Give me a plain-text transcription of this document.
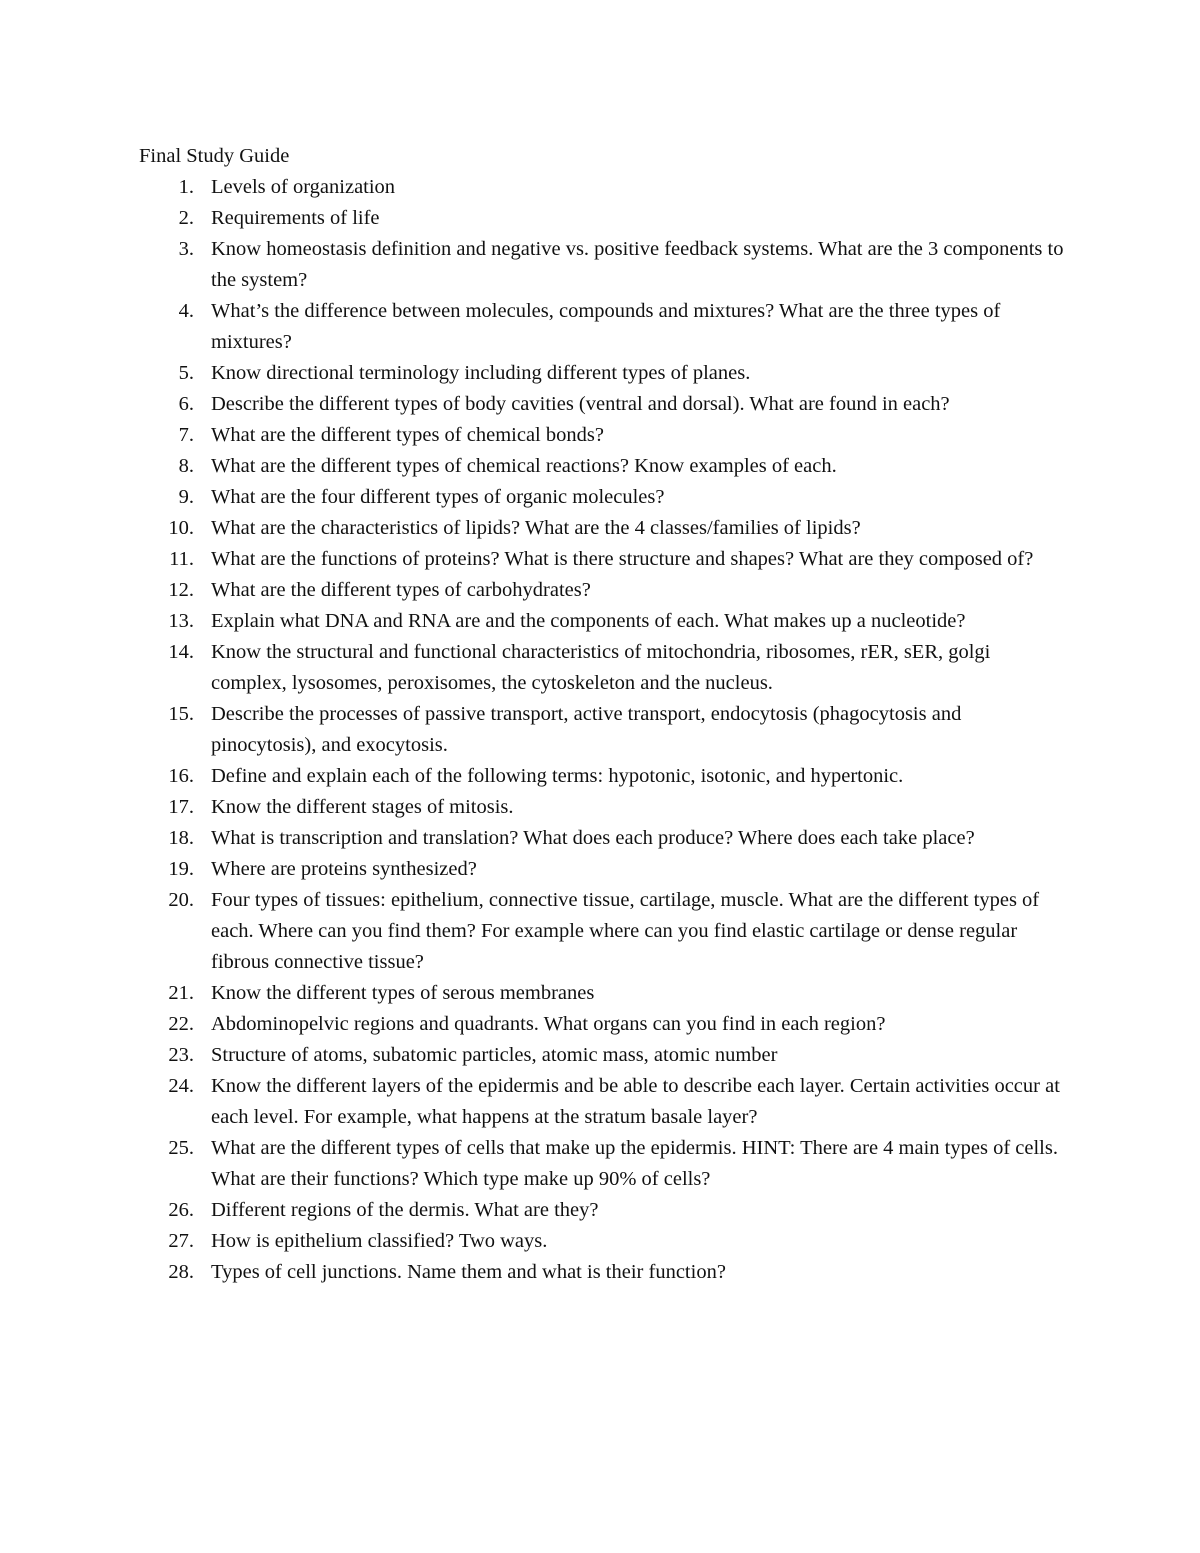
Final Study Guide
1. Levels of organization
2. Requirements of life
3. Know homeostasis definition and negative vs. positive feedback systems. What are the 3 components to the system?
4. What’s the difference between molecules, compounds and mixtures? What are the three types of mixtures?
5. Know directional terminology including different types of planes.
6. Describe the different types of body cavities (ventral and dorsal). What are found in each?
7. What are the different types of chemical bonds?
8. What are the different types of chemical reactions? Know examples of each.
9. What are the four different types of organic molecules?
10. What are the characteristics of lipids? What are the 4 classes/families of lipids?
11. What are the functions of proteins? What is there structure and shapes? What are they composed of?
12. What are the different types of carbohydrates?
13. Explain what DNA and RNA are and the components of each. What makes up a nucleotide?
14. Know the structural and functional characteristics of mitochondria, ribosomes, rER, sER, golgi complex, lysosomes, peroxisomes, the cytoskeleton and the nucleus.
15. Describe the processes of passive transport, active transport, endocytosis (phagocytosis and pinocytosis), and exocytosis.
16. Define and explain each of the following terms: hypotonic, isotonic, and hypertonic.
17. Know the different stages of mitosis.
18. What is transcription and translation? What does each produce? Where does each take place?
19. Where are proteins synthesized?
20. Four types of tissues: epithelium, connective tissue, cartilage, muscle. What are the different types of each. Where can you find them? For example where can you find elastic cartilage or dense regular fibrous connective tissue?
21. Know the different types of serous membranes
22. Abdominopelvic regions and quadrants. What organs can you find in each region?
23. Structure of atoms, subatomic particles, atomic mass, atomic number
24. Know the different layers of the epidermis and be able to describe each layer. Certain activities occur at each level. For example, what happens at the stratum basale layer?
25. What are the different types of cells that make up the epidermis. HINT: There are 4 main types of cells. What are their functions? Which type make up 90% of cells?
26. Different regions of the dermis. What are they?
27. How is epithelium classified? Two ways.
28. Types of cell junctions. Name them and what is their function?
